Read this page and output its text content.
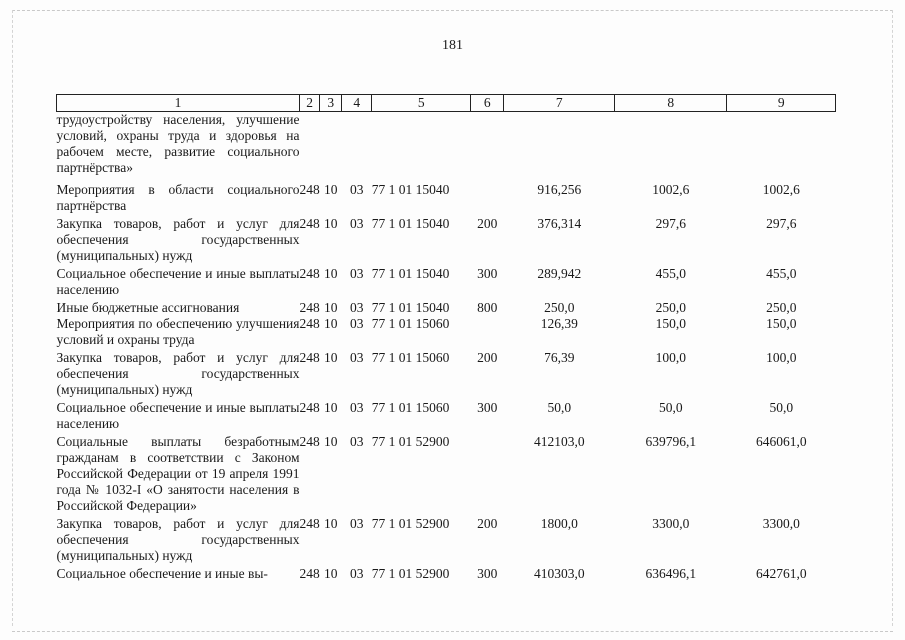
181
1	2	3	4	5	6	7	8	9
трудоустройству населения, улучшение условий, охраны труда и здоровья на рабочем месте, развитие социального партнёрства»								
Мероприятия в области социального партнёрства	248	10	03	77 1 01 15040		916,256	1002,6	1002,6
Закупка товаров, работ и услуг для обеспечения государственных (муниципальных) нужд	248	10	03	77 1 01 15040	200	376,314	297,6	297,6
Социальное обеспечение и иные выплаты населению	248	10	03	77 1 01 15040	300	289,942	455,0	455,0
Иные бюджетные ассигнования	248	10	03	77 1 01 15040	800	250,0	250,0	250,0
Мероприятия по обеспечению улучшения условий и охраны труда	248	10	03	77 1 01 15060		126,39	150,0	150,0
Закупка товаров, работ и услуг для обеспечения государственных (муниципальных) нужд	248	10	03	77 1 01 15060	200	76,39	100,0	100,0
Социальное обеспечение и иные выплаты населению	248	10	03	77 1 01 15060	300	50,0	50,0	50,0
Социальные выплаты безработным гражданам в соответствии с Законом Российской Федерации от 19 апреля 1991 года № 1032-I «О занятости населения в Российской Федерации»	248	10	03	77 1 01 52900		412103,0	639796,1	646061,0
Закупка товаров, работ и услуг для обеспечения государственных (муниципальных) нужд	248	10	03	77 1 01 52900	200	1800,0	3300,0	3300,0
Социальное обеспечение и иные вы-	248	10	03	77 1 01 52900	300	410303,0	636496,1	642761,0
